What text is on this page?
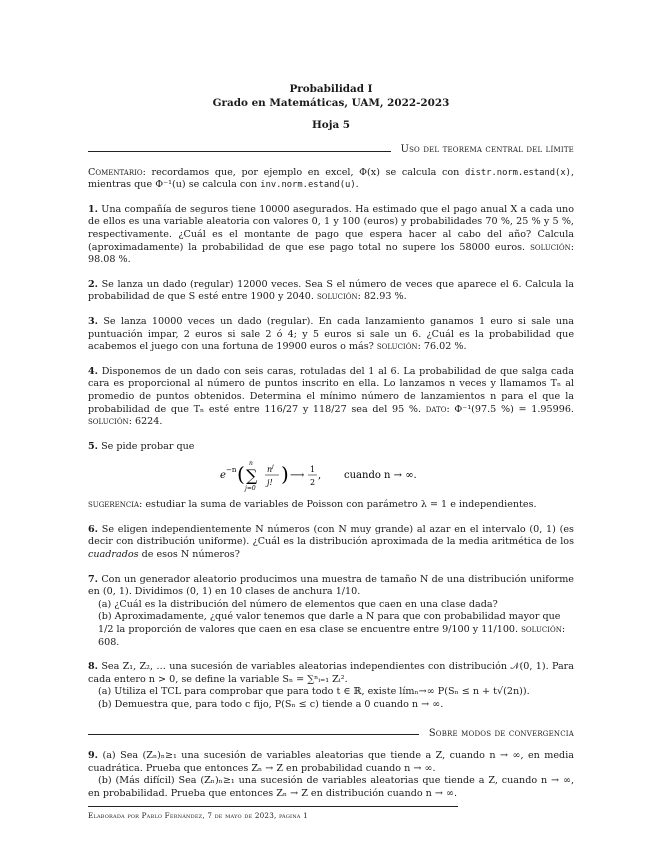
Probabilidad I
Grado en Matemáticas, UAM, 2022-2023
Hoja 5
Uso del teorema central del límite

Comentario: recordamos que, por ejemplo en excel, Φ(x) se calcula con distr.norm.estand(x), mientras que Φ⁻¹(u) se calcula con inv.norm.estand(u).

1. Una compañía de seguros tiene 10000 asegurados. Ha estimado que el pago anual X a cada uno de ellos es una variable aleatoria con valores 0, 1 y 100 (euros) y probabilidades 70 %, 25 % y 5 %, respectivamente. ¿Cuál es el montante de pago que espera hacer al cabo del año? Calcula (aproximadamente) la probabilidad de que ese pago total no supere los 58000 euros. solución: 98.08 %.

2. Se lanza un dado (regular) 12000 veces. Sea S el número de veces que aparece el 6. Calcula la probabilidad de que S esté entre 1900 y 2040. solución: 82.93 %.

3. Se lanza 10000 veces un dado (regular). En cada lanzamiento ganamos 1 euro si sale una puntuación impar, 2 euros si sale 2 ó 4; y 5 euros si sale un 6. ¿Cuál es la probabilidad que acabemos el juego con una fortuna de 19900 euros o más? solución: 76.02 %.

4. Disponemos de un dado con seis caras, rotuladas del 1 al 6. La probabilidad de que salga cada cara es proporcional al número de puntos inscrito en ella. Lo lanzamos n veces y llamamos Tₙ al promedio de puntos obtenidos. Determina el mínimo número de lanzamientos n para el que la probabilidad de que Tₙ esté entre 116/27 y 118/27 sea del 95 %. dato: Φ⁻¹(97.5 %) = 1.95996. solución: 6224.

5. Se pide probar que

e −n ( ∑
n
j=0
n j
j! ) ⟶
1
2
, cuando n → ∞.

sugerencia: estudiar la suma de variables de Poisson con parámetro λ = 1 e independientes.

6. Se eligen independientemente N números (con N muy grande) al azar en el intervalo (0, 1) (es decir con distribución uniforme). ¿Cuál es la distribución aproximada de la media aritmética de los cuadrados de esos N números?

7. Con un generador aleatorio producimos una muestra de tamaño N de una distribución uniforme en (0, 1). Dividimos (0, 1) en 10 clases de anchura 1/10.

(a) ¿Cuál es la distribución del número de elementos que caen en una clase dada?

(b) Aproximadamente, ¿qué valor tenemos que darle a N para que con probabilidad mayor que 1/2 la proporción de valores que caen en esa clase se encuentre entre 9/100 y 11/100. solución: 608.

8. Sea Z₁, Z₂, … una sucesión de variables aleatorias independientes con distribución 𝒩(0, 1). Para cada entero n > 0, se define la variable Sₙ = ∑ⁿᵢ₌₁ Zᵢ².

(a) Utiliza el TCL para comprobar que para todo t ∈ ℝ, existe límₙ→∞ P(Sₙ ≤ n + t√(2n)).

(b) Demuestra que, para todo c fijo, P(Sₙ ≤ c) tiende a 0 cuando n → ∞.

Sobre modos de convergencia

9. (a) Sea (Zₙ)ₙ≥₁ una sucesión de variables aleatorias que tiende a Z, cuando n → ∞, en media cuadrática. Prueba que entonces Zₙ → Z en probabilidad cuando n → ∞.

(b) (Más difícil) Sea (Zₙ)ₙ≥₁ una sucesión de variables aleatorias que tiende a Z, cuando n → ∞, en probabilidad. Prueba que entonces Zₙ → Z en distribución cuando n → ∞.

Elaborada por Pablo Fernández, 7 de mayo de 2023, página 1
